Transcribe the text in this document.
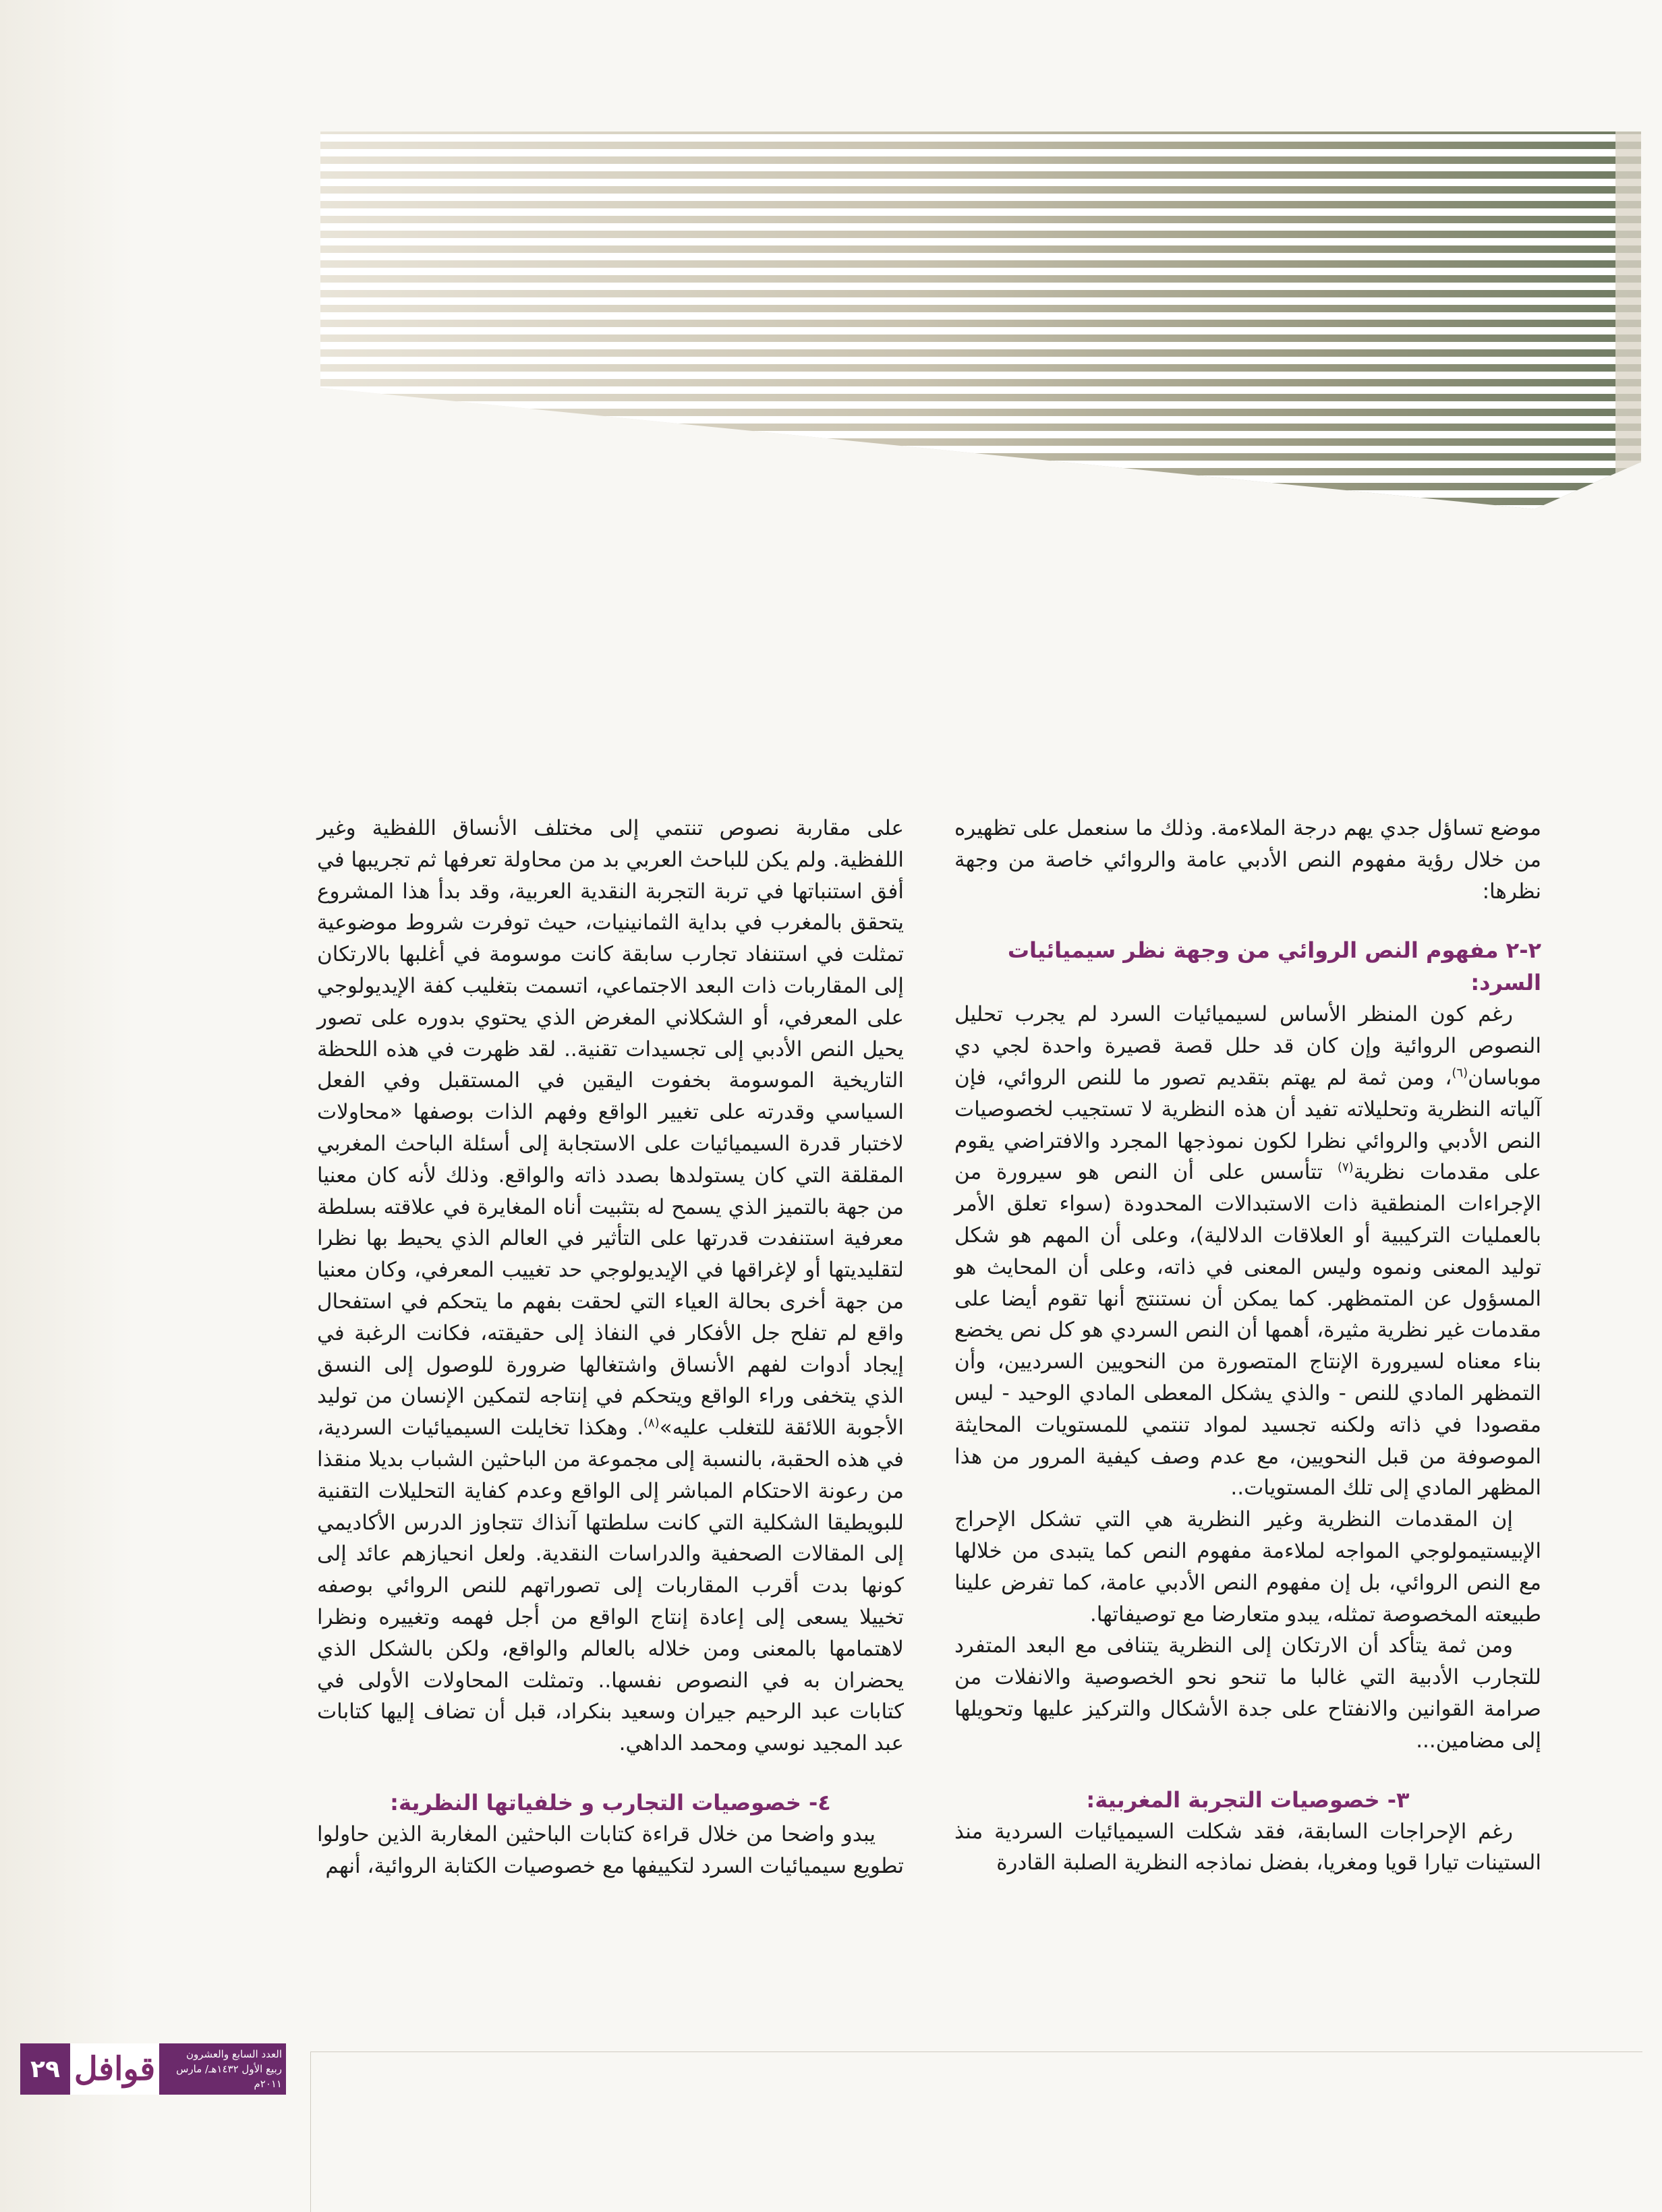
موضع تساؤل جدي يهم درجة الملاءمة. وذلك ما سنعمل على تظهيره من خلال رؤية مفهوم النص الأدبي عامة والروائي خاصة من وجهة نظرها:

٢-٢ مفهوم النص الروائي من وجهة نظر سيميائيات السرد:

رغم كون المنظر الأساس لسيميائيات السرد لم يجرب تحليل النصوص الروائية وإن كان قد حلل قصة قصيرة واحدة لجي دي موباسان$^{(٦)}$، ومن ثمة لم يهتم بتقديم تصور ما للنص الروائي، فإن آلياته النظرية وتحليلاته تفيد أن هذه النظرية لا تستجيب لخصوصيات النص الأدبي والروائي نظرا لكون نموذجها المجرد والافتراضي يقوم على مقدمات نظرية$^{(٧)}$ تتأسس على أن النص هو سيرورة من الإجراءات المنطقية ذات الاستبدالات المحدودة (سواء تعلق الأمر بالعمليات التركيبية أو العلاقات الدلالية)، وعلى أن المهم هو شكل توليد المعنى ونموه وليس المعنى في ذاته، وعلى أن المحايث هو المسؤول عن المتمظهر. كما يمكن أن نستنتج أنها تقوم أيضا على مقدمات غير نظرية مثيرة، أهمها أن النص السردي هو كل نص يخضع بناء معناه لسيرورة الإنتاج المتصورة من النحويين السرديين، وأن التمظهر المادي للنص - والذي يشكل المعطى المادي الوحيد - ليس مقصودا في ذاته ولكنه تجسيد لمواد تنتمي للمستويات المحايثة الموصوفة من قبل النحويين، مع عدم وصف كيفية المرور من هذا المظهر المادي إلى تلك المستويات..

إن المقدمات النظرية وغير النظرية هي التي تشكل الإحراج الإبيستيمولوجي المواجه لملاءمة مفهوم النص كما يتبدى من خلالها مع النص الروائي، بل إن مفهوم النص الأدبي عامة، كما تفرض علينا طبيعته المخصوصة تمثله، يبدو متعارضا مع توصيفاتها.

ومن ثمة يتأكد أن الارتكان إلى النظرية يتنافى مع البعد المتفرد للتجارب الأدبية التي غالبا ما تنحو نحو الخصوصية والانفلات من صرامة القوانين والانفتاح على جدة الأشكال والتركيز عليها وتحويلها إلى مضامين...

٣- خصوصيات التجربة المغربية:

رغم الإحراجات السابقة، فقد شكلت السيميائيات السردية منذ الستينات تيارا قويا ومغريا، بفضل نماذجه النظرية الصلبة القادرة

على مقاربة نصوص تنتمي إلى مختلف الأنساق اللفظية وغير اللفظية. ولم يكن للباحث العربي بد من محاولة تعرفها ثم تجريبها في أفق استنباتها في تربة التجربة النقدية العربية، وقد بدأ هذا المشروع يتحقق بالمغرب في بداية الثمانينيات، حيث توفرت شروط موضوعية تمثلت في استنفاد تجارب سابقة كانت موسومة في أغلبها بالارتكان إلى المقاربات ذات البعد الاجتماعي، اتسمت بتغليب كفة الإيديولوجي على المعرفي، أو الشكلاني المغرض الذي يحتوي بدوره على تصور يحيل النص الأدبي إلى تجسيدات تقنية.. لقد ظهرت في هذه اللحظة التاريخية الموسومة بخفوت اليقين في المستقبل وفي الفعل السياسي وقدرته على تغيير الواقع وفهم الذات بوصفها «محاولات لاختبار قدرة السيميائيات على الاستجابة إلى أسئلة الباحث المغربي المقلقة التي كان يستولدها بصدد ذاته والواقع. وذلك لأنه كان معنيا من جهة بالتميز الذي يسمح له بتثبيت أناه المغايرة في علاقته بسلطة معرفية استنفدت قدرتها على التأثير في العالم الذي يحيط بها نظرا لتقليديتها أو لإغراقها في الإيديولوجي حد تغييب المعرفي، وكان معنيا من جهة أخرى بحالة العياء التي لحقت بفهم ما يتحكم في استفحال واقع لم تفلح جل الأفكار في النفاذ إلى حقيقته، فكانت الرغبة في إيجاد أدوات لفهم الأنساق واشتغالها ضرورة للوصول إلى النسق الذي يتخفى وراء الواقع ويتحكم في إنتاجه لتمكين الإنسان من توليد الأجوبة اللائقة للتغلب عليه»$^{(٨)}$. وهكذا تخايلت السيميائيات السردية، في هذه الحقبة، بالنسبة إلى مجموعة من الباحثين الشباب بديلا منقذا من رعونة الاحتكام المباشر إلى الواقع وعدم كفاية التحليلات التقنية للبويطيقا الشكلية التي كانت سلطتها آنذاك تتجاوز الدرس الأكاديمي إلى المقالات الصحفية والدراسات النقدية. ولعل انحيازهم عائد إلى كونها بدت أقرب المقاربات إلى تصوراتهم للنص الروائي بوصفه تخييلا يسعى إلى إعادة إنتاج الواقع من أجل فهمه وتغييره ونظرا لاهتمامها بالمعنى ومن خلاله بالعالم والواقع، ولكن بالشكل الذي يحضران به في النصوص نفسها.. وتمثلت المحاولات الأولى في كتابات عبد الرحيم جيران وسعيد بنكراد، قبل أن تضاف إليها كتابات عبد المجيد نوسي ومحمد الداهي.

٤- خصوصيات التجارب و خلفياتها النظرية:

يبدو واضحا من خلال قراءة كتابات الباحثين المغاربة الذين حاولوا تطويع سيميائيات السرد لتكييفها مع خصوصيات الكتابة الروائية، أنهم

٢٩ قوافل	العدد السابع والعشرون
ربيع الأول ١٤٣٢هـ/ مارس ٢٠١١م
